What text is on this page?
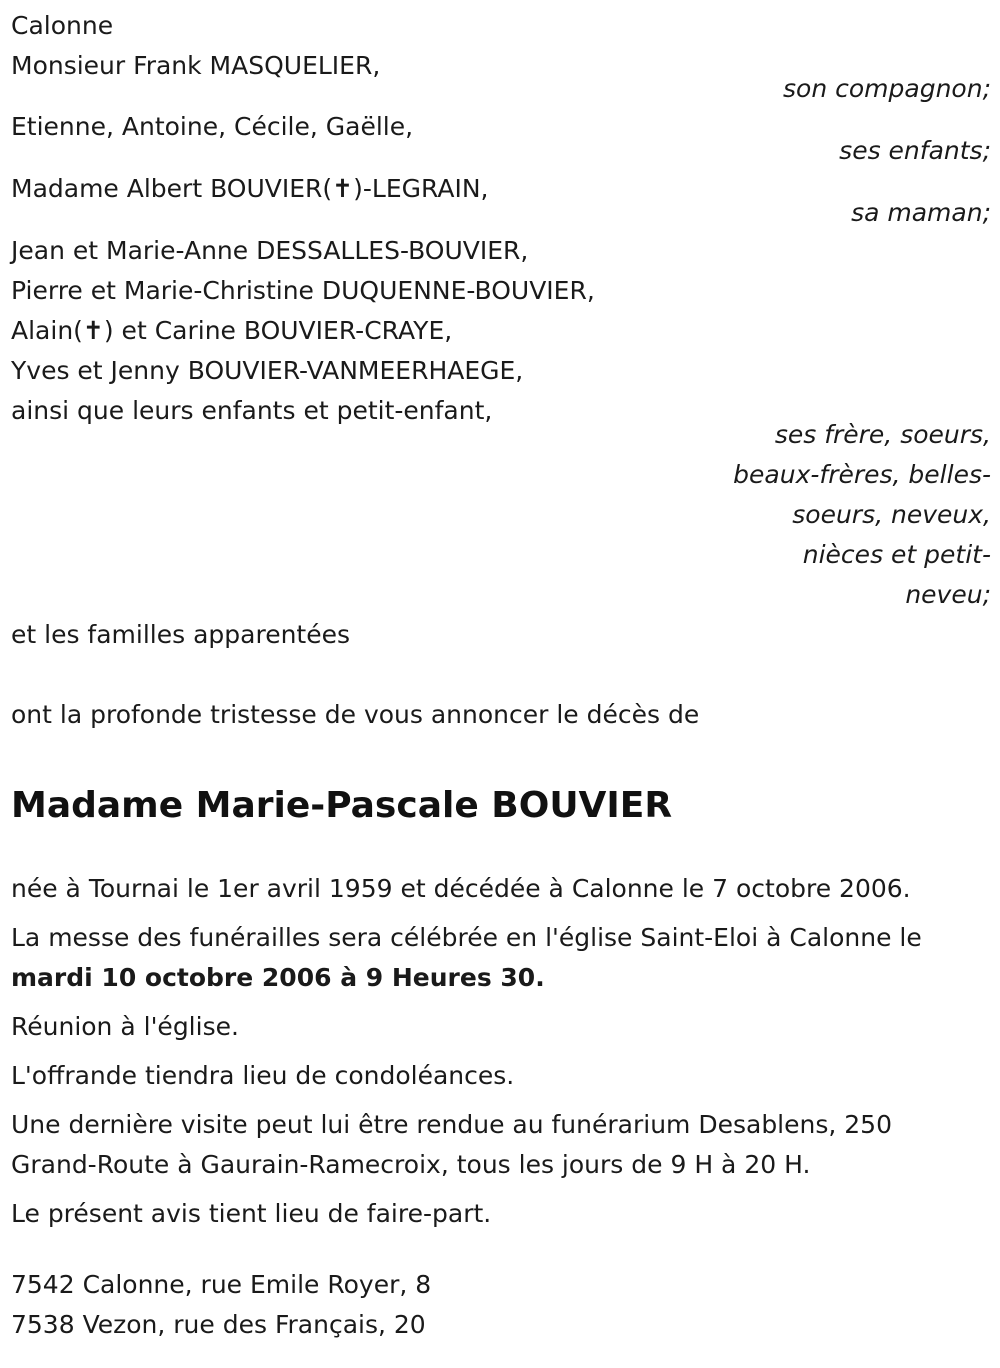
Calonne
Monsieur Frank MASQUELIER,
son compagnon;
Etienne, Antoine, Cécile, Gaëlle,
ses enfants;
Madame Albert BOUVIER(✝)-LEGRAIN,
sa maman;
Jean et Marie-Anne DESSALLES-BOUVIER,
Pierre et Marie-Christine DUQUENNE-BOUVIER,
Alain(✝) et Carine BOUVIER-CRAYE,
Yves et Jenny BOUVIER-VANMEERHAEGE,
ainsi que leurs enfants et petit-enfant,
ses frère, soeurs,
beaux-frères, belles-
soeurs, neveux,
nièces et petit-
neveu;
et les familles apparentées
ont la profonde tristesse de vous annoncer le décès de
Madame Marie-Pascale BOUVIER
née à Tournai le 1er avril 1959 et décédée à Calonne le 7 octobre 2006.
La messe des funérailles sera célébrée en l'église Saint-Eloi à Calonne le
mardi 10 octobre 2006 à 9 Heures 30.
Réunion à l'église.
L'offrande tiendra lieu de condoléances.
Une dernière visite peut lui être rendue au funérarium Desablens, 250 Grand-Route à Gaurain-Ramecroix, tous les jours de 9 H à 20 H.
Le présent avis tient lieu de faire-part.
7542 Calonne, rue Emile Royer, 8
7538 Vezon, rue des Français, 20
